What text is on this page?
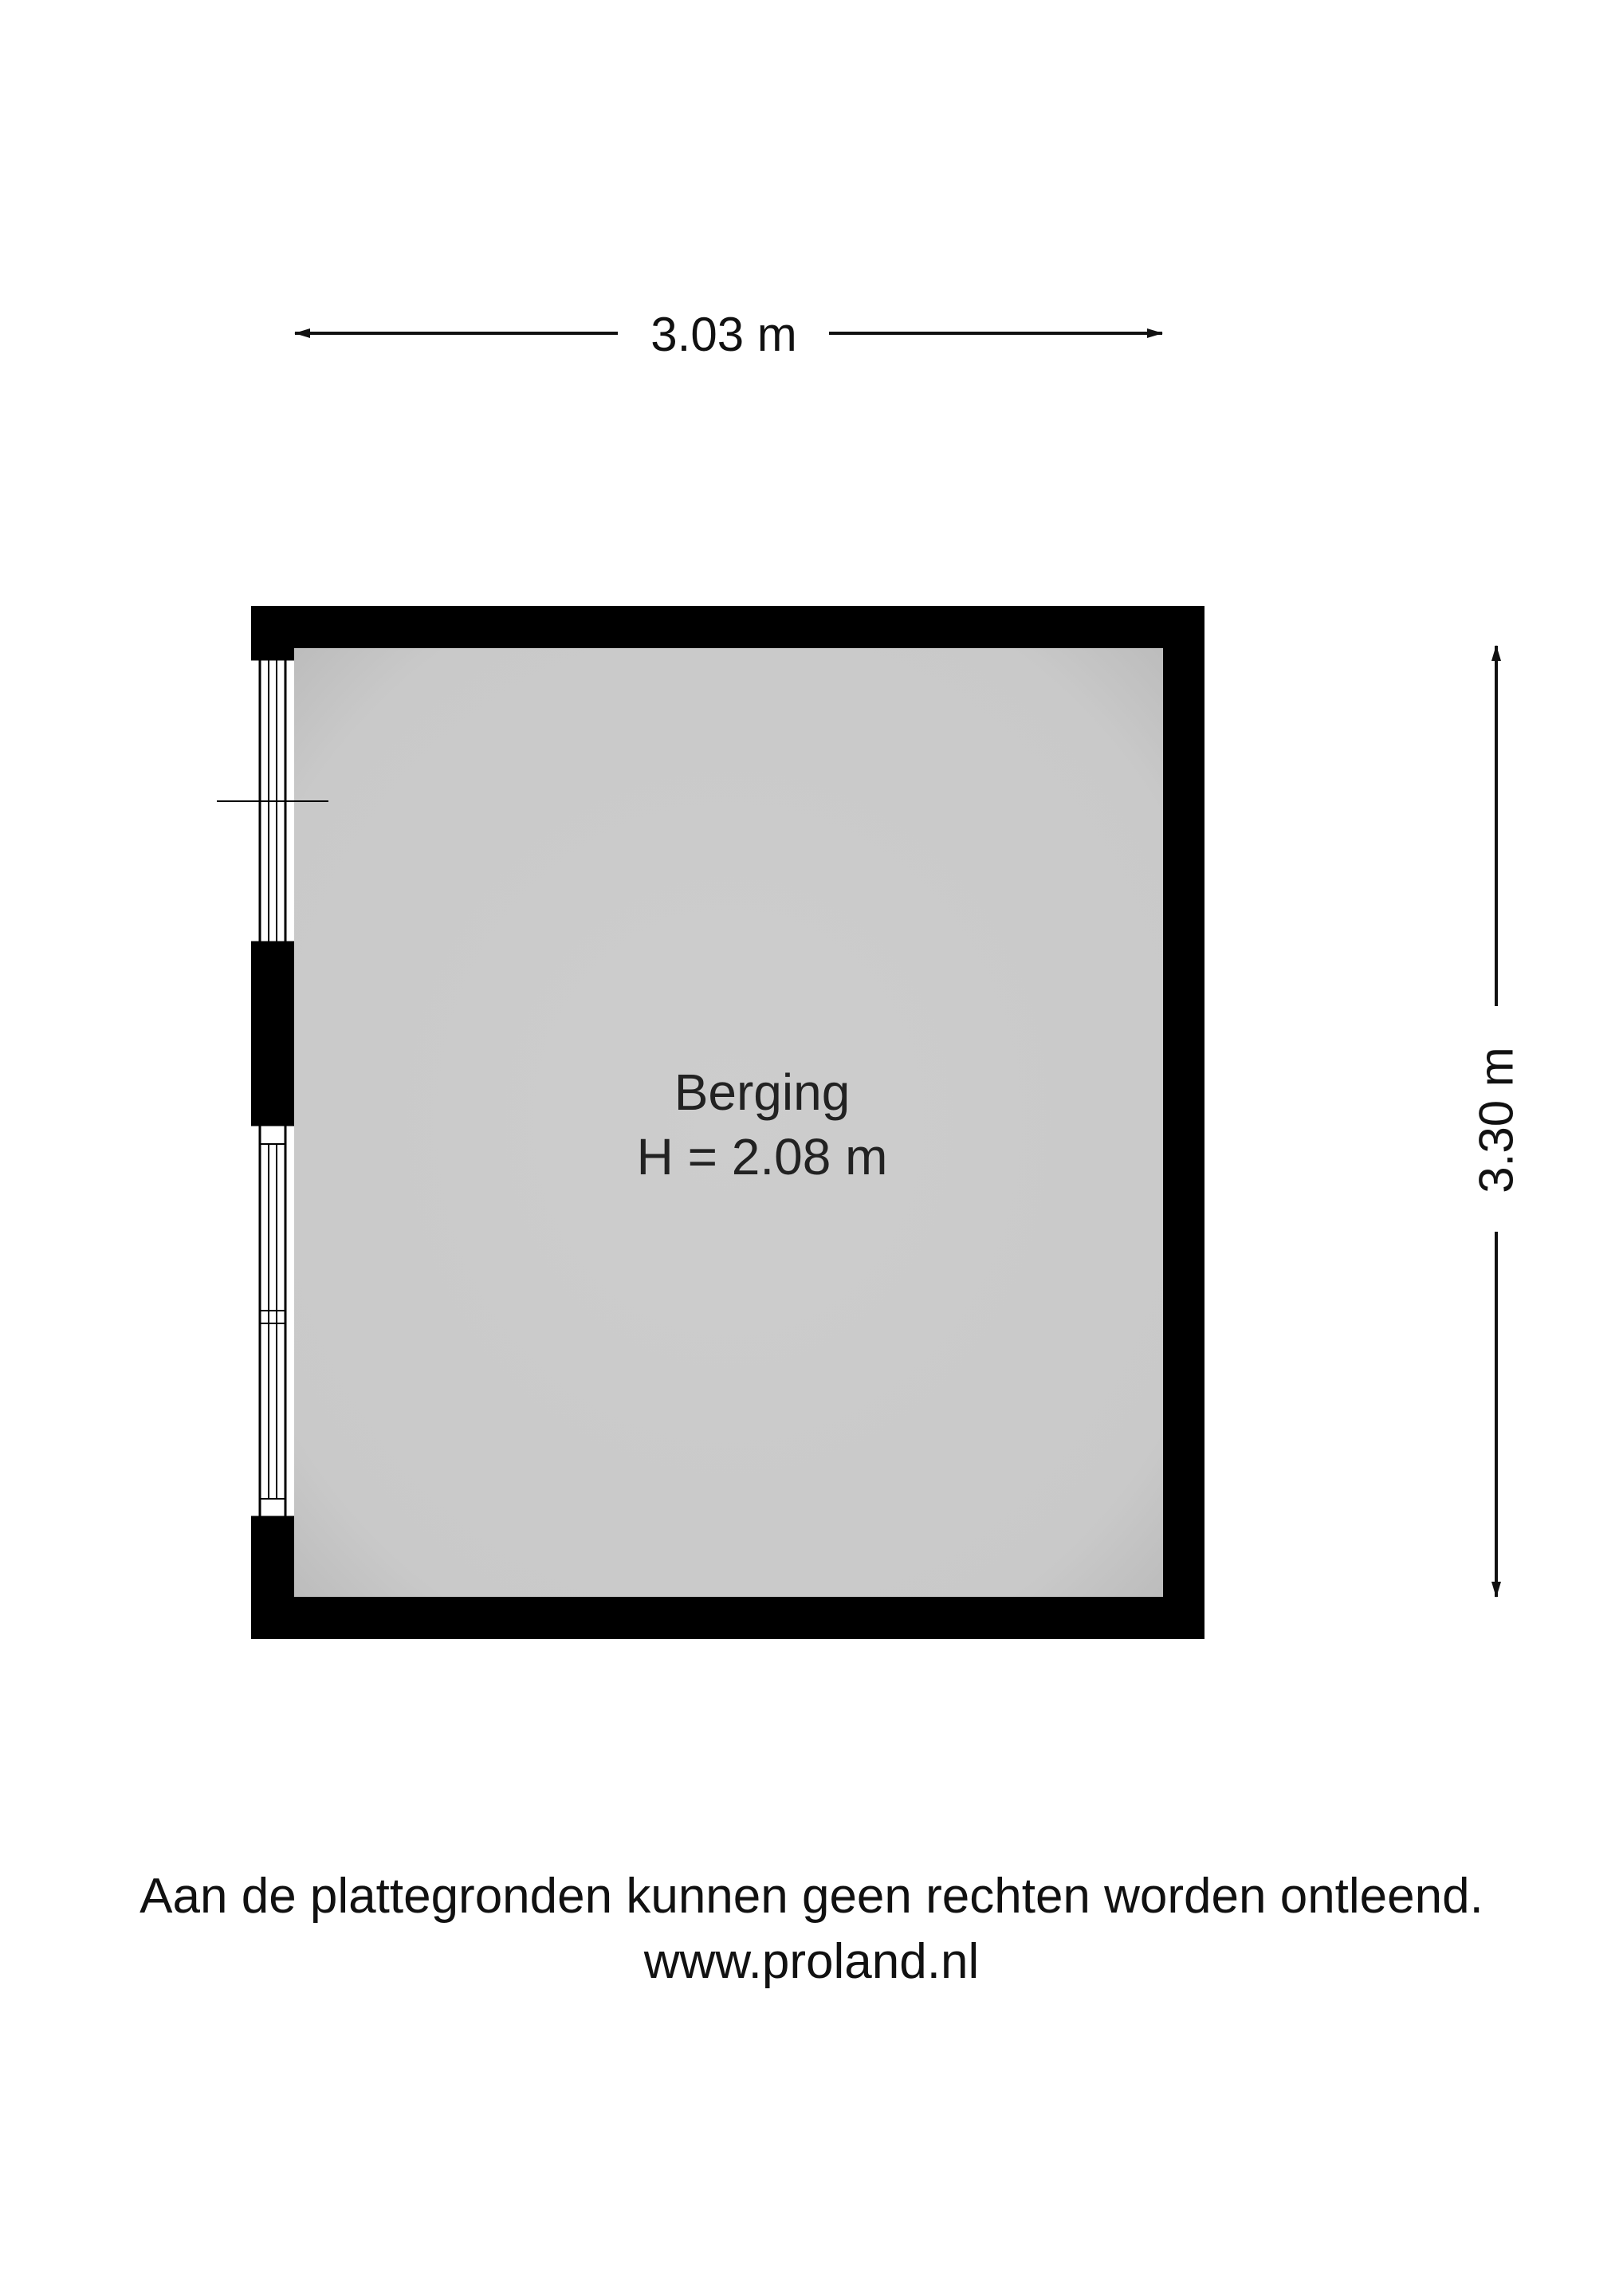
3.03 m
3.30 m
Berging
H = 2.08 m
Aan de plattegronden kunnen geen rechten worden ontleend.
www.proland.nl
